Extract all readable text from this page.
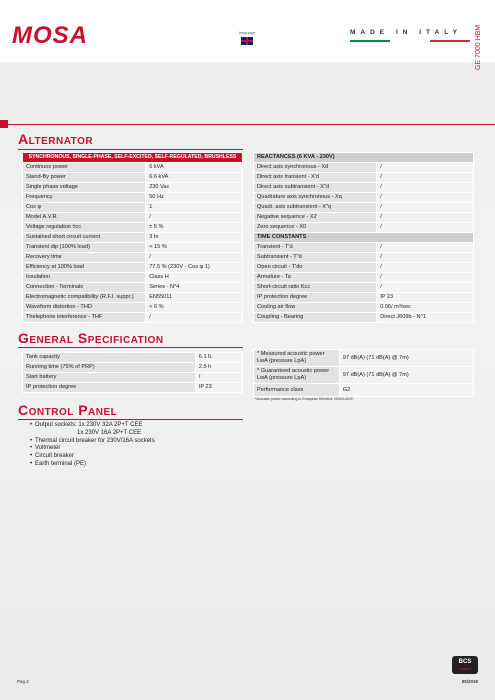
MOSA	language	MADE IN ITALY GE 7000 HBM
Alternator
SYNCHRONOUS, SINGLE-PHASE, SELF-EXCITED, SELF-REGULATED, BRUSHLESS	
Continuos power	6 kVA
Stand-By power	6.6 kVA
Single phase voltage	230 Vac
Frequency	50 Hz
Cos φ	1
Model A.V.R.	/
Voltage regulation ±cc	± 5 %
Sustained short circuit current	3 In
Transient dip (100% load)	< 15 %
Recovery time	/
Efficiency at 100% load	77.5 % (230V - Cos φ 1)
Insulation	Class H
Connection - Terminals	Series - N°4
Electromagnetic compatibility (R.F.I. suppr.)	EN55011
Waveform distortion - THD	< 6 %
Thelephone interference - THF	/
REACTANCES (6 KVA - 230V)	
Direct axis synchronous - Xd	/
Direct axis transient - X'd	/
Direct axis subtransient - X"d	/
Quadrature axis synchronous - Xq	/
Quadr. axis subtransient - X"q	/
Negative sequence - X2	/
Zero sequence - X0	/
TIME CONSTANTS	
Transient - T'd	/
Subtransient - T"d	/
Open circuit - T'do	/
Armature - Ta	/
Short-circuit ratio Kcc	/
IP protection degree	IP 23
Cooling air flow	0.06/ m³/sec
Coupling - Bearing	Direct J609b - N°1
General Specification
Tank capacity	6.1 lt.
Running time (75% of PRP)	2.5 h
Start battery	/
IP protection degree	IP 23
* Measured acoustic power LwA (pressure LpA)	97 dB(A) (71 dB(A) @ 7m)
* Guaranteed acoustic power LwA (pressure LpA)	97 dB(A) (71 dB(A) @ 7m)
Performance class	G2
*Acoustic power according to European Directive 2000/14/CE
Control Panel
• Output sockets: 1x 230V 32A 2P+T CEE
1x 230V 16A 2P+T CEE
• Thermal circuit breaker for 230V/16A sockets
• Voltmeter
• Circuit breaker
• Earth terminal (PE)
Pag 2
BCS
GROUP
05/2019
